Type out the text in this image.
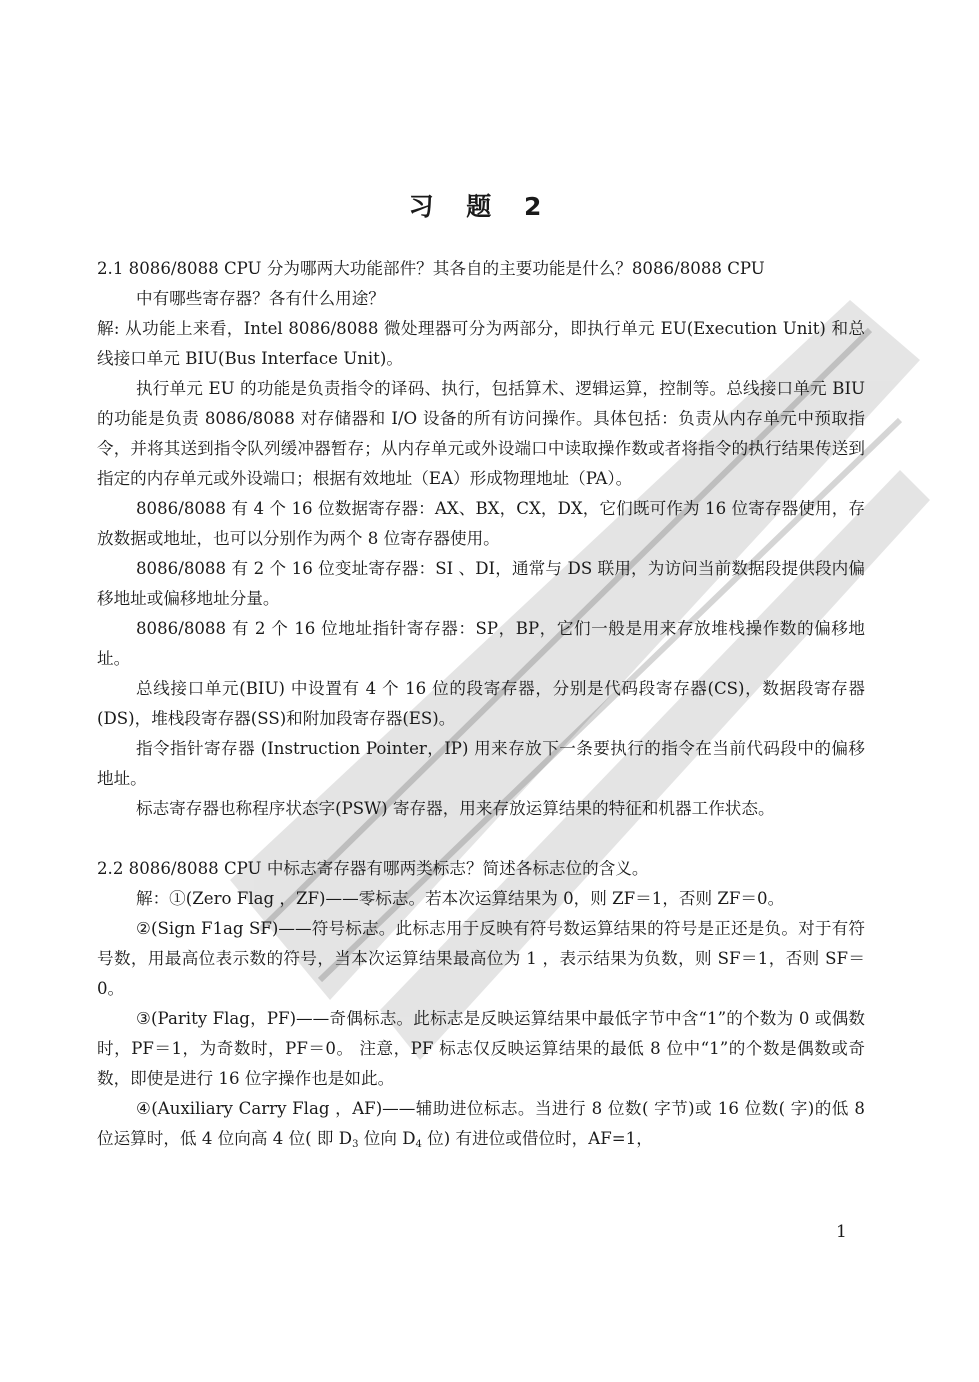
习 题 2

2.1 8086/8088 CPU 分为哪两大功能部件？其各自的主要功能是什么？8086/8088 CPU

中有哪些寄存器？各有什么用途？

解: 从功能上来看，Intel 8086/8088 微处理器可分为两部分，即执行单元 EU(Execution Unit) 和总线接口单元 BIU(Bus Interface Unit)。

执行单元 EU 的功能是负责指令的译码、执行，包括算术、逻辑运算，控制等。总线接口单元 BIU 的功能是负责 8086/8088 对存储器和 I/O 设备的所有访问操作。具体包括：负责从内存单元中预取指令，并将其送到指令队列缓冲器暂存；从内存单元或外设端口中读取操作数或者将指令的执行结果传送到指定的内存单元或外设端口；根据有效地址（EA）形成物理地址（PA）。

8086/8088 有 4 个 16 位数据寄存器：AX、BX，CX，DX，它们既可作为 16 位寄存器使用，存放数据或地址，也可以分别作为两个 8 位寄存器使用。

8086/8088 有 2 个 16 位变址寄存器：SI 、DI，通常与 DS 联用，为访问当前数据段提供段内偏移地址或偏移地址分量。

8086/8088 有 2 个 16 位地址指针寄存器：SP，BP，它们一般是用来存放堆栈操作数的偏移地址。

总线接口单元(BIU) 中设置有 4 个 16 位的段寄存器，分别是代码段寄存器(CS)，数据段寄存器(DS)，堆栈段寄存器(SS)和附加段寄存器(ES)。

指令指针寄存器 (Instruction Pointer，IP) 用来存放下一条要执行的指令在当前代码段中的偏移地址。

标志寄存器也称程序状态字(PSW) 寄存器，用来存放运算结果的特征和机器工作状态。

2.2 8086/8088 CPU 中标志寄存器有哪两类标志？简述各标志位的含义。

解：①(Zero Flag ，ZF)——零标志。若本次运算结果为 0，则 ZF＝1，否则 ZF＝0。

②(Sign F1ag SF)——符号标志。此标志用于反映有符号数运算结果的符号是正还是负。对于有符号数，用最高位表示数的符号，当本次运算结果最高位为 1 ，表示结果为负数，则 SF＝1，否则 SF＝0。

③(Parity Flag，PF)——奇偶标志。此标志是反映运算结果中最低字节中含“1”的个数为 0 或偶数时，PF＝1，为奇数时，PF＝0。 注意，PF 标志仅反映运算结果的最低 8 位中“1”的个数是偶数或奇数，即使是进行 16 位字操作也是如此。

④(Auxiliary Carry Flag ，AF)——辅助进位标志。当进行 8 位数( 字节)或 16 位数( 字)的低 8 位运算时，低 4 位向高 4 位( 即 $D_3$ 位向 $D_4$ 位) 有进位或借位时，AF=1，

1
